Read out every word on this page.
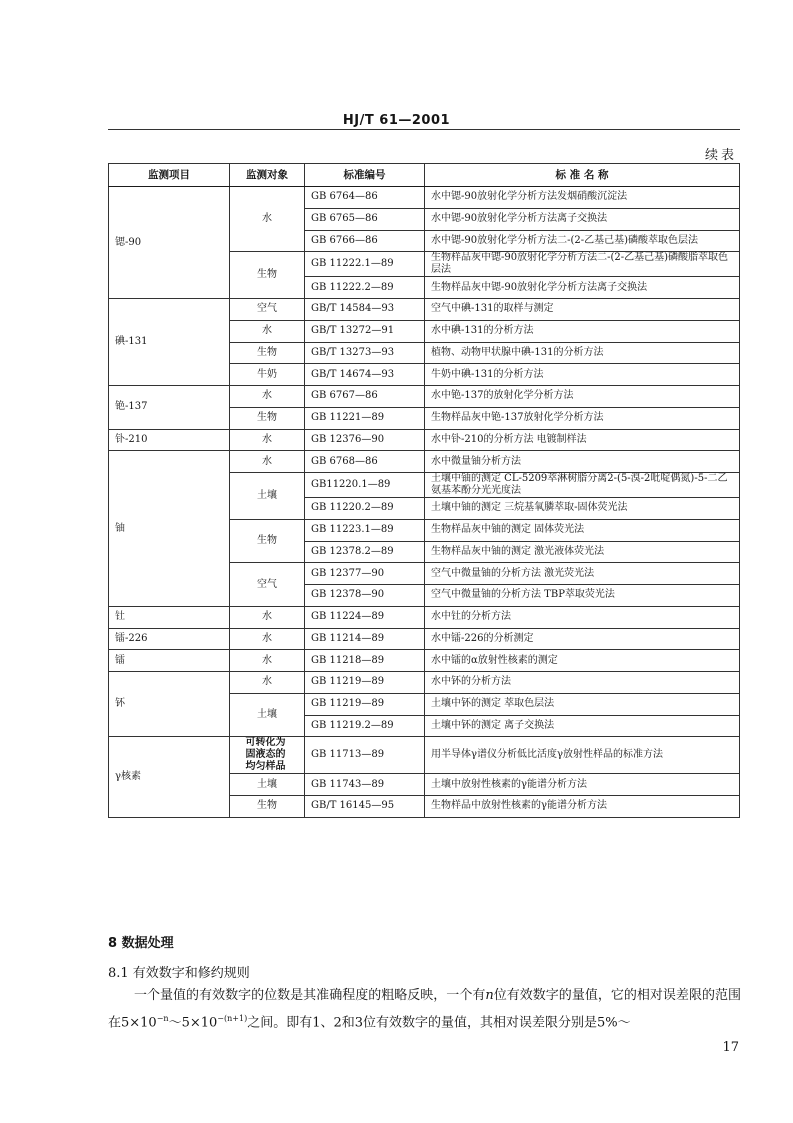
HJ/T 61—2001
续表
监测项目	监测对象	标准编号	标 准 名 称
锶-90	水	GB 6764—86	水中锶-90放射化学分析方法发烟硝酸沉淀法
		GB 6765—86	水中锶-90放射化学分析方法离子交换法
		GB 6766—86	水中锶-90放射化学分析方法二-(2-乙基己基)磷酸萃取色层法
	生物	GB 11222.1—89	生物样品灰中锶-90放射化学分析方法二-(2-乙基己基)磷酸脂萃取色层法
		GB 11222.2—89	生物样品灰中锶-90放射化学分析方法离子交换法
碘-131	空气	GB/T 14584—93	空气中碘-131的取样与测定
	水	GB/T 13272—91	水中碘-131的分析方法
	生物	GB/T 13273—93	植物、动物甲状腺中碘-131的分析方法
	牛奶	GB/T 14674—93	牛奶中碘-131的分析方法
铯-137	水	GB 6767—86	水中铯-137的放射化学分析方法
	生物	GB 11221—89	生物样品灰中铯-137放射化学分析方法
钋-210	水	GB 12376—90	水中钋-210的分析方法 电镀制样法
铀	水	GB 6768—86	水中微量铀分析方法
	土壤	GB11220.1—89	土壤中铀的测定 CL-5209萃淋树脂分离2-(5-溴-2吡啶偶氮)-5-二乙氨基苯酚分光光度法
		GB 11220.2—89	土壤中铀的测定 三烷基氧膦萃取-固体荧光法
	生物	GB 11223.1—89	生物样品灰中铀的测定 固体荧光法
		GB 12378.2—89	生物样品灰中铀的测定 激光液体荧光法
	空气	GB 12377—90	空气中微量铀的分析方法 激光荧光法
		GB 12378—90	空气中微量铀的分析方法 TBP萃取荧光法
钍	水	GB 11224—89	水中钍的分析方法
镭-226	水	GB 11214—89	水中镭-226的分析测定
镭	水	GB 11218—89	水中镭的α放射性核素的测定
钚	水	GB 11219—89	水中钚的分析方法
	土壤	GB 11219—89	土壤中钚的测定 萃取色层法
		GB 11219.2—89	土壤中钚的测定 离子交换法
γ核素	可转化为固液态的均匀样品	GB 11713—89	用半导体γ谱仪分析低比活度γ放射性样品的标准方法
	土壤	GB 11743—89	土壤中放射性核素的γ能谱分析方法
	生物	GB/T 16145—95	生物样品中放射性核素的γ能谱分析方法
8 数据处理
8.1 有效数字和修约规则
一个量值的有效数字的位数是其准确程度的粗略反映，一个有n位有效数字的量值，它的相对误差限的范围在$5\times 10^{-n}\sim 5\times 10^{-(n+1)}$之间。即有1、2和3位有效数字的量值，其相对误差限分别是5%～
17
